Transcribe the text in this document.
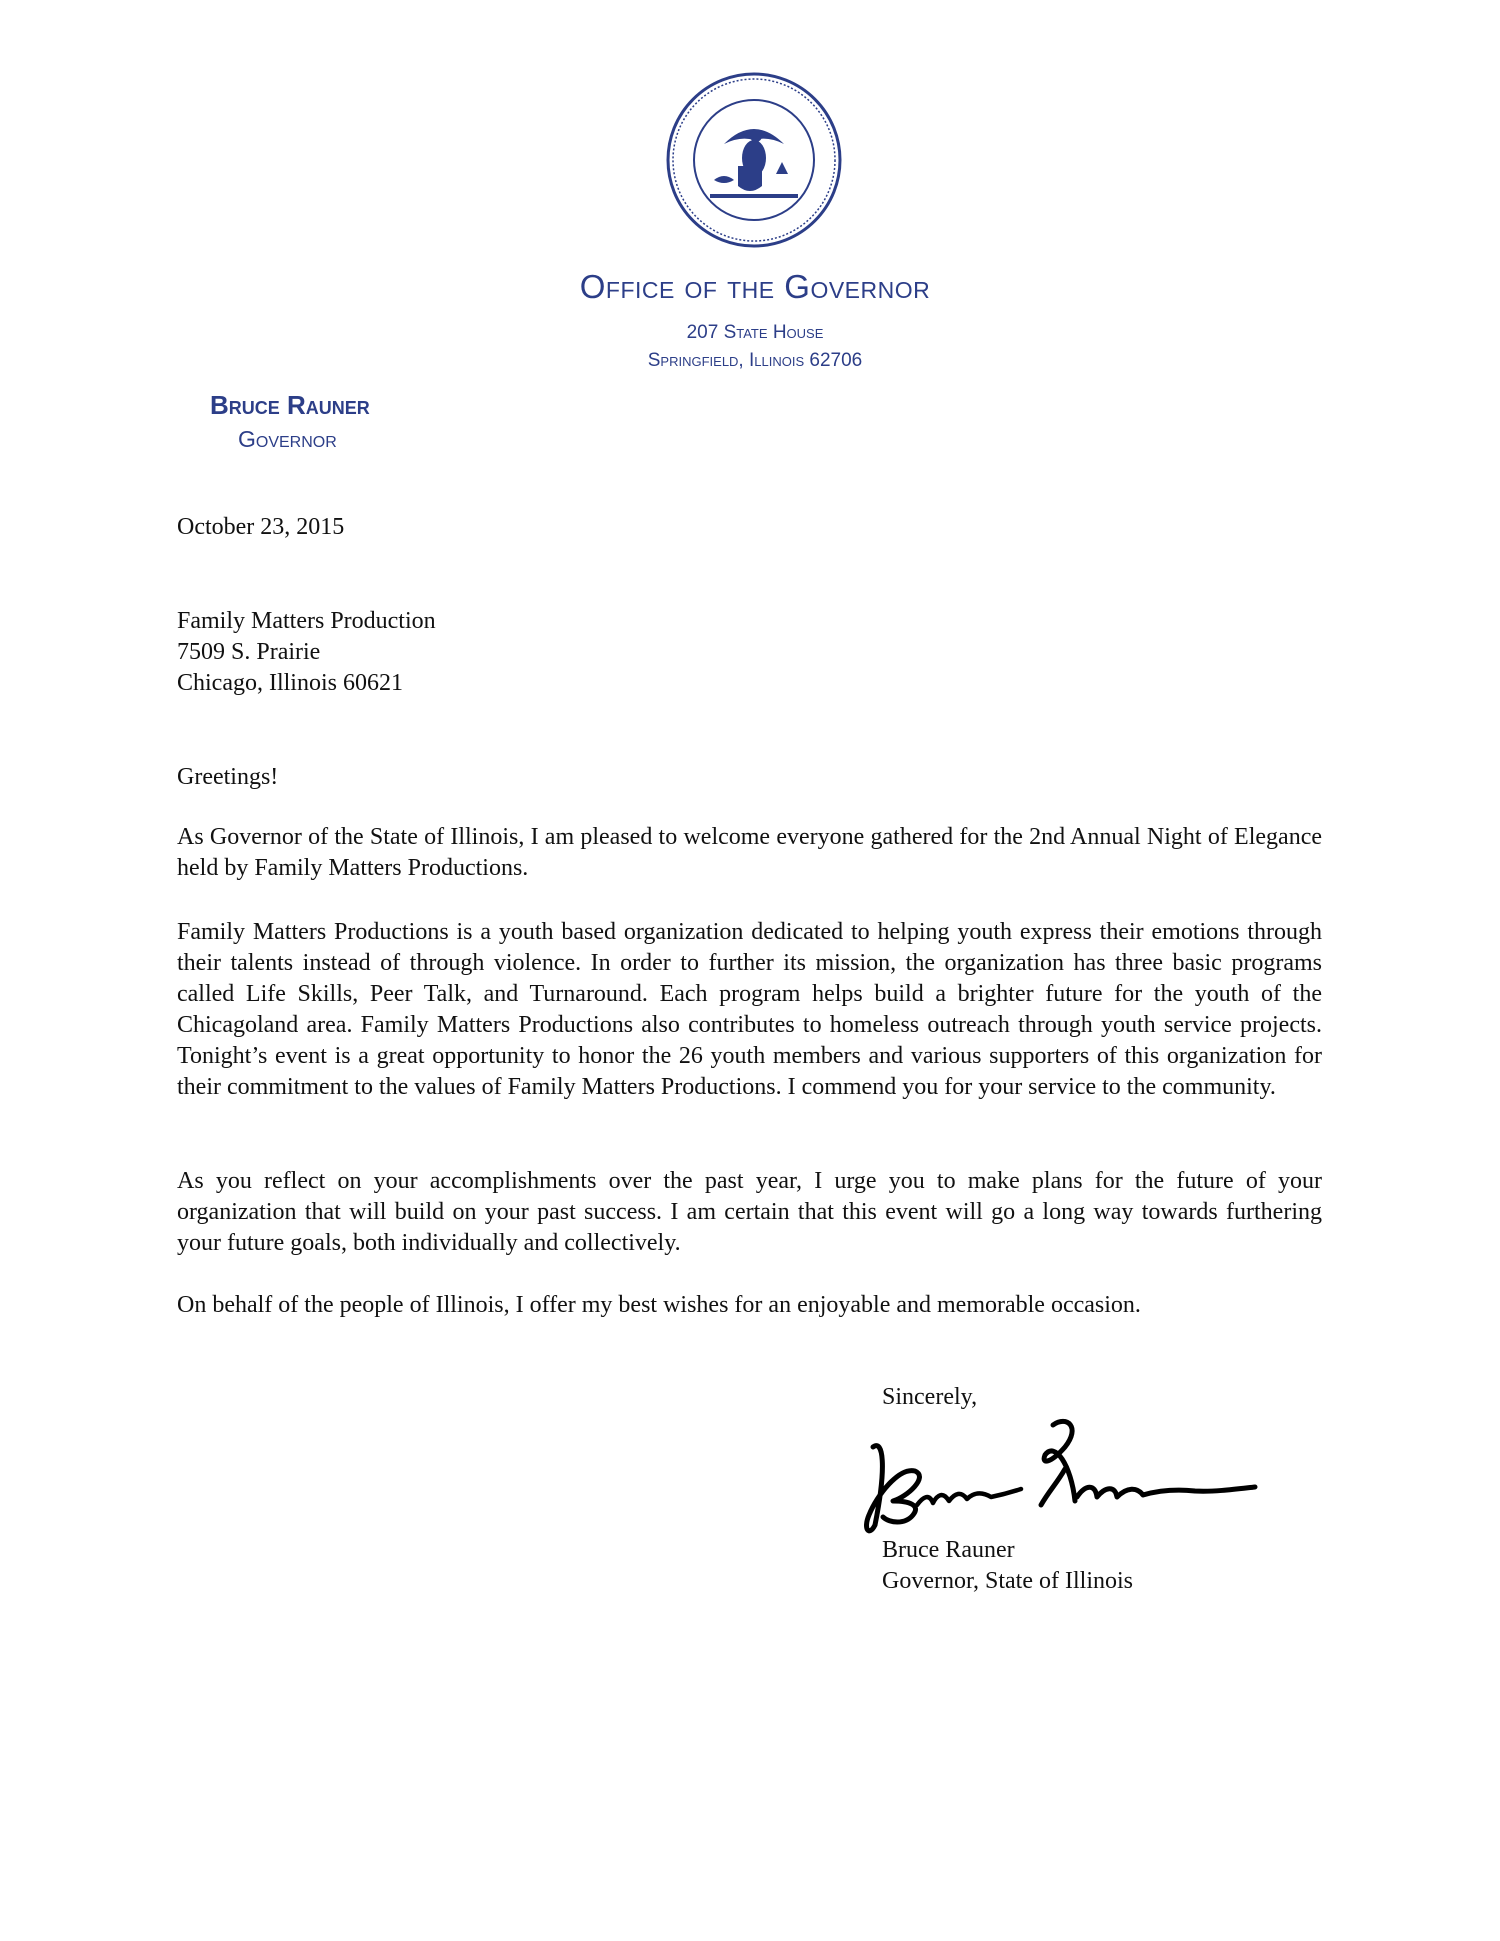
Office of the Governor
207 State House
Springfield, Illinois 62706
Bruce Rauner
Governor
October 23, 2015
Family Matters Production
7509 S. Prairie
Chicago, Illinois 60621
Greetings!
As Governor of the State of Illinois, I am pleased to welcome everyone gathered for the 2nd Annual Night of Elegance held by Family Matters Productions.
Family Matters Productions is a youth based organization dedicated to helping youth express their emotions through their talents instead of through violence. In order to further its mission, the organization has three basic programs called Life Skills, Peer Talk, and Turnaround. Each program helps build a brighter future for the youth of the Chicagoland area. Family Matters Productions also contributes to homeless outreach through youth service projects. Tonight’s event is a great opportunity to honor the 26 youth members and various supporters of this organization for their commitment to the values of Family Matters Productions. I commend you for your service to the community.
As you reflect on your accomplishments over the past year, I urge you to make plans for the future of your organization that will build on your past success. I am certain that this event will go a long way towards furthering your future goals, both individually and collectively.
On behalf of the people of Illinois, I offer my best wishes for an enjoyable and memorable occasion.
Sincerely,
Bruce Rauner
Governor, State of Illinois
